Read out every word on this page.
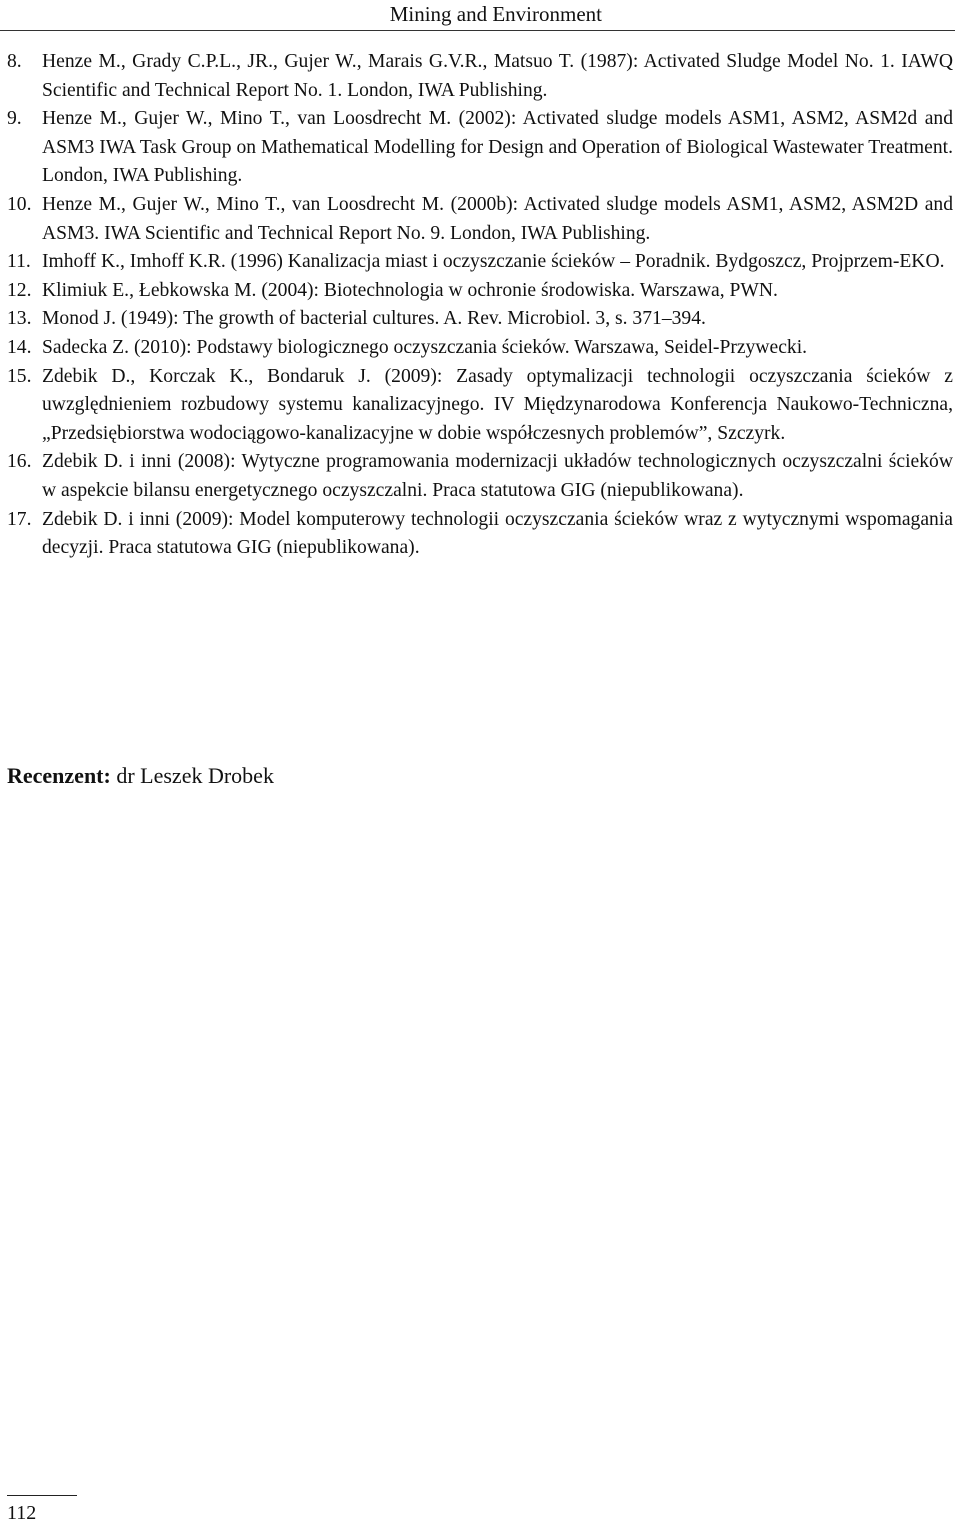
Mining and Environment
8. Henze M., Grady C.P.L., JR., Gujer W., Marais G.V.R., Matsuo T. (1987): Activated Sludge Model No. 1. IAWQ Scientific and Technical Report No. 1. London, IWA Publishing.
9. Henze M., Gujer W., Mino T., van Loosdrecht M. (2002): Activated sludge models ASM1, ASM2, ASM2d and ASM3 IWA Task Group on Mathematical Modelling for Design and Operation of Biological Wastewater Treatment. London, IWA Publishing.
10. Henze M., Gujer W., Mino T., van Loosdrecht M. (2000b): Activated sludge models ASM1, ASM2, ASM2D and ASM3. IWA Scientific and Technical Report No. 9. London, IWA Publishing.
11. Imhoff K., Imhoff K.R. (1996) Kanalizacja miast i oczyszczanie ścieków – Poradnik. Bydgoszcz, Projprzem-EKO.
12. Klimiuk E., Łebkowska M. (2004): Biotechnologia w ochronie środowiska. Warszawa, PWN.
13. Monod J. (1949): The growth of bacterial cultures. A. Rev. Microbiol. 3, s. 371–394.
14. Sadecka Z. (2010): Podstawy biologicznego oczyszczania ścieków. Warszawa, Seidel-Przywecki.
15. Zdebik D., Korczak K., Bondaruk J. (2009): Zasady optymalizacji technologii oczyszczania ścieków z uwzględnieniem rozbudowy systemu kanalizacyjnego. IV Międzynarodowa Konferencja Naukowo-Techniczna, „Przedsiębiorstwa wodociągowo-kanalizacyjne w dobie współczesnych problemów”, Szczyrk.
16. Zdebik D. i inni (2008): Wytyczne programowania modernizacji układów technologicznych oczyszczalni ścieków w aspekcie bilansu energetycznego oczyszczalni. Praca statutowa GIG (niepublikowana).
17. Zdebik D. i inni (2009): Model komputerowy technologii oczyszczania ścieków wraz z wytycznymi wspomagania decyzji. Praca statutowa GIG (niepublikowana).
Recenzent: dr Leszek Drobek
112
